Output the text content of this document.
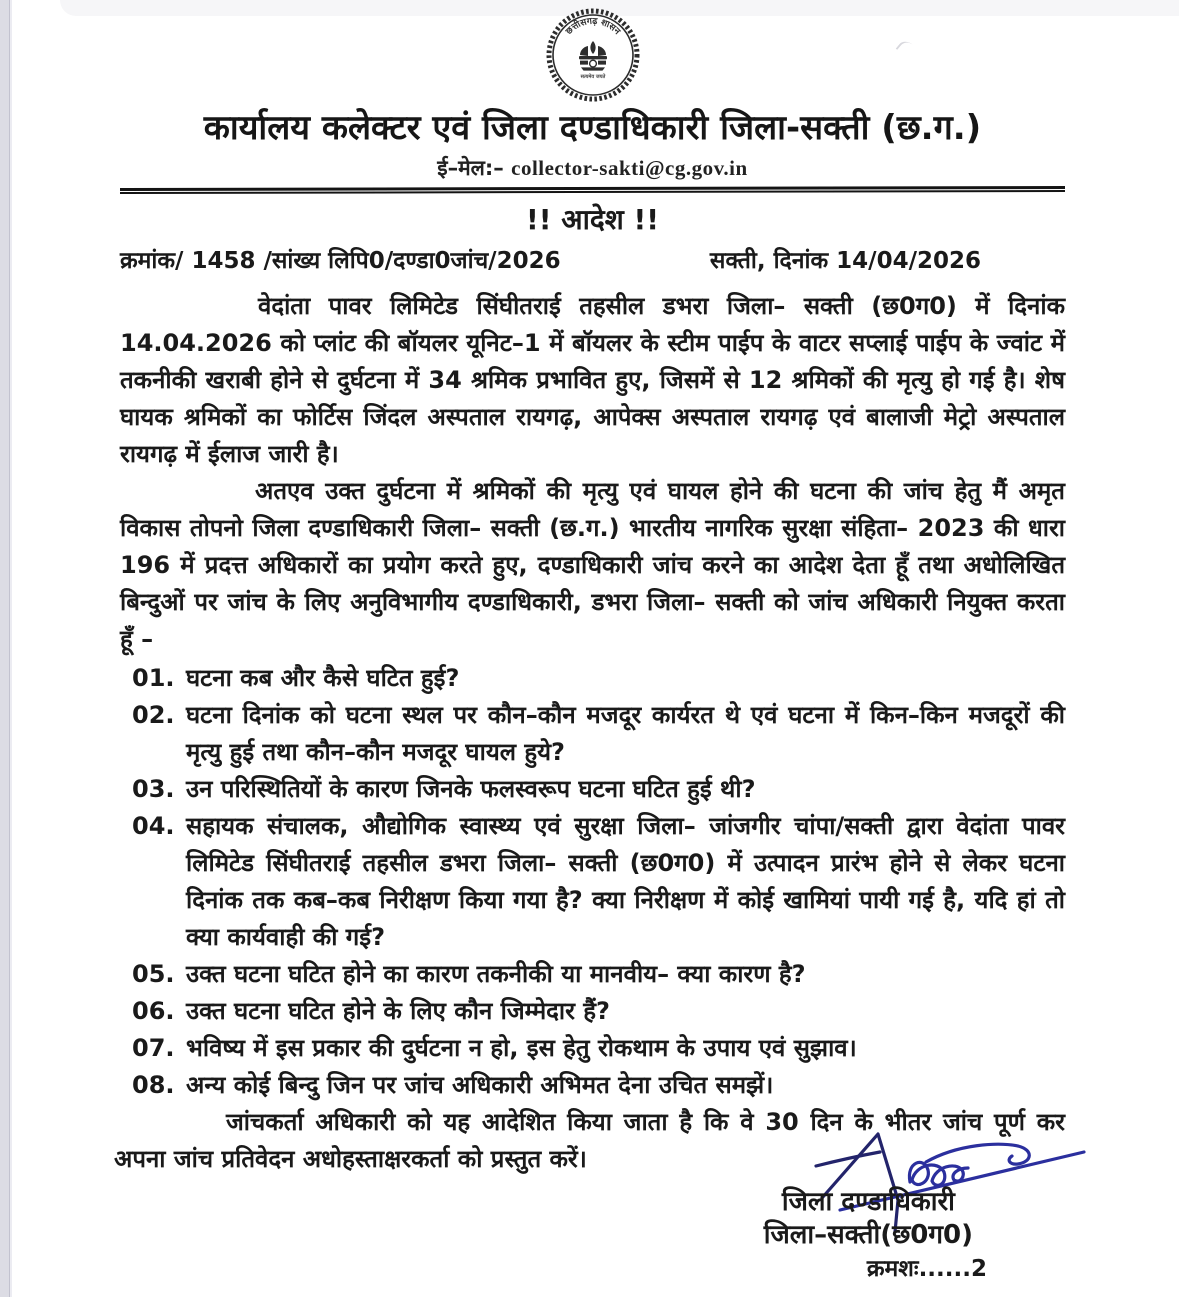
छत्तीसगढ़ शासन
सत्यमेव जयते
कार्यालय कलेक्टर एवं जिला दण्डाधिकारी जिला-सक्ती (छ.ग.)
ई–मेल:– collector-sakti@cg.gov.in
!! आदेश !!
क्रमांक/ 1458 /सांख्य लिपि0/दण्डा0जांच/2026	सक्ती, दिनांक 14/04/2026
वेदांता पावर लिमिटेड सिंघीतराई तहसील डभरा जिला– सक्ती (छ0ग0) में दिनांक 14.04.2026 को प्लांट की बॉयलर यूनिट–1 में बॉयलर के स्टीम पाईप के वाटर सप्लाई पाईप के ज्वांट में तकनीकी खराबी होने से दुर्घटना में 34 श्रमिक प्रभावित हुए, जिसमें से 12 श्रमिकों की मृत्यु हो गई है। शेष घायक श्रमिकों का फोर्टिस जिंदल अस्पताल रायगढ़, आपेक्स अस्पताल रायगढ़ एवं बालाजी मेट्रो अस्पताल रायगढ़ में ईलाज जारी है।
अतएव उक्त दुर्घटना में श्रमिकों की मृत्यु एवं घायल होने की घटना की जांच हेतु मैं अमृत विकास तोपनो जिला दण्डाधिकारी जिला– सक्ती (छ.ग.) भारतीय नागरिक सुरक्षा संहिता– 2023 की धारा 196 में प्रदत्त अधिकारों का प्रयोग करते हुए, दण्डाधिकारी जांच करने का आदेश देता हूँ तथा अधोलिखित बिन्दुओं पर जांच के लिए अनुविभागीय दण्डाधिकारी, डभरा जिला– सक्ती को जांच अधिकारी नियुक्त करता हूँ –
01. घटना कब और कैसे घटित हुई?
02. घटना दिनांक को घटना स्थल पर कौन–कौन मजदूर कार्यरत थे एवं घटना में किन–किन मजदूरों की मृत्यु हुई तथा कौन–कौन मजदूर घायल हुये?
03. उन परिस्थितियों के कारण जिनके फलस्वरूप घटना घटित हुई थी?
04. सहायक संचालक, औद्योगिक स्वास्थ्य एवं सुरक्षा जिला– जांजगीर चांपा/सक्ती द्वारा वेदांता पावर लिमिटेड सिंघीतराई तहसील डभरा जिला– सक्ती (छ0ग0) में उत्पादन प्रारंभ होने से लेकर घटना दिनांक तक कब–कब निरीक्षण किया गया है? क्या निरीक्षण में कोई खामियां पायी गई है, यदि हां तो क्या कार्यवाही की गई?
05. उक्त घटना घटित होने का कारण तकनीकी या मानवीय– क्या कारण है?
06. उक्त घटना घटित होने के लिए कौन जिम्मेदार हैं?
07. भविष्य में इस प्रकार की दुर्घटना न हो, इस हेतु रोकथाम के उपाय एवं सुझाव।
08. अन्य कोई बिन्दु जिन पर जांच अधिकारी अभिमत देना उचित समझें।
जांचकर्ता अधिकारी को यह आदेशित किया जाता है कि वे 30 दिन के भीतर जांच पूर्ण कर अपना जांच प्रतिवेदन अधोहस्ताक्षरकर्ता को प्रस्तुत करें।
जिला दण्डाधिकारी
जिला–सक्ती(छ0ग0)
क्रमशः......2
